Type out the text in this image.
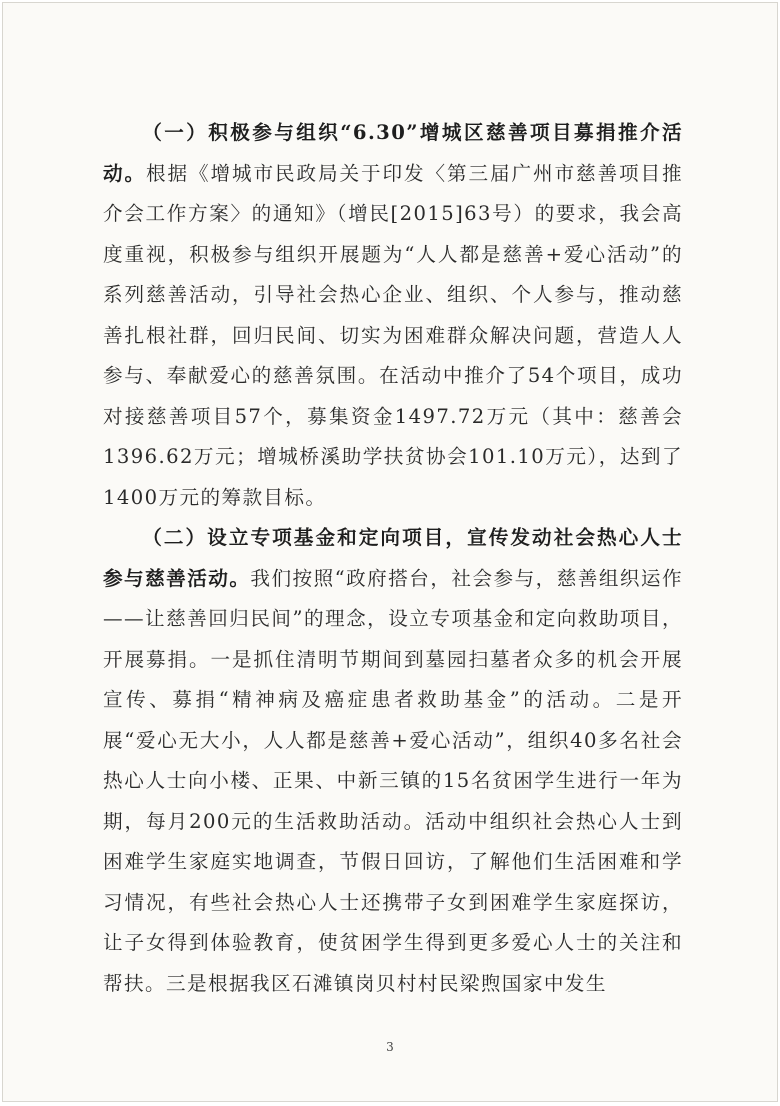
（一）积极参与组织“6.30”增城区慈善项目募捐推介活动。根据《增城市民政局关于印发〈第三届广州市慈善项目推介会工作方案〉的通知》（增民[2015]63号）的要求，我会高度重视，积极参与组织开展题为“人人都是慈善+爱心活动”的系列慈善活动，引导社会热心企业、组织、个人参与，推动慈善扎根社群，回归民间、切实为困难群众解决问题，营造人人参与、奉献爱心的慈善氛围。在活动中推介了54个项目，成功对接慈善项目57个，募集资金1497.72万元（其中：慈善会1396.62万元；增城桥溪助学扶贫协会101.10万元），达到了1400万元的筹款目标。

（二）设立专项基金和定向项目，宣传发动社会热心人士参与慈善活动。我们按照“政府搭台，社会参与，慈善组织运作——让慈善回归民间”的理念，设立专项基金和定向救助项目，开展募捐。一是抓住清明节期间到墓园扫墓者众多的机会开展宣传、募捐“精神病及癌症患者救助基金”的活动。二是开展“爱心无大小，人人都是慈善+爱心活动”，组织40多名社会热心人士向小楼、正果、中新三镇的15名贫困学生进行一年为期，每月200元的生活救助活动。活动中组织社会热心人士到困难学生家庭实地调查，节假日回访，了解他们生活困难和学习情况，有些社会热心人士还携带子女到困难学生家庭探访，让子女得到体验教育，使贫困学生得到更多爱心人士的关注和帮扶。三是根据我区石滩镇岗贝村村民梁煦国家中发生

3
